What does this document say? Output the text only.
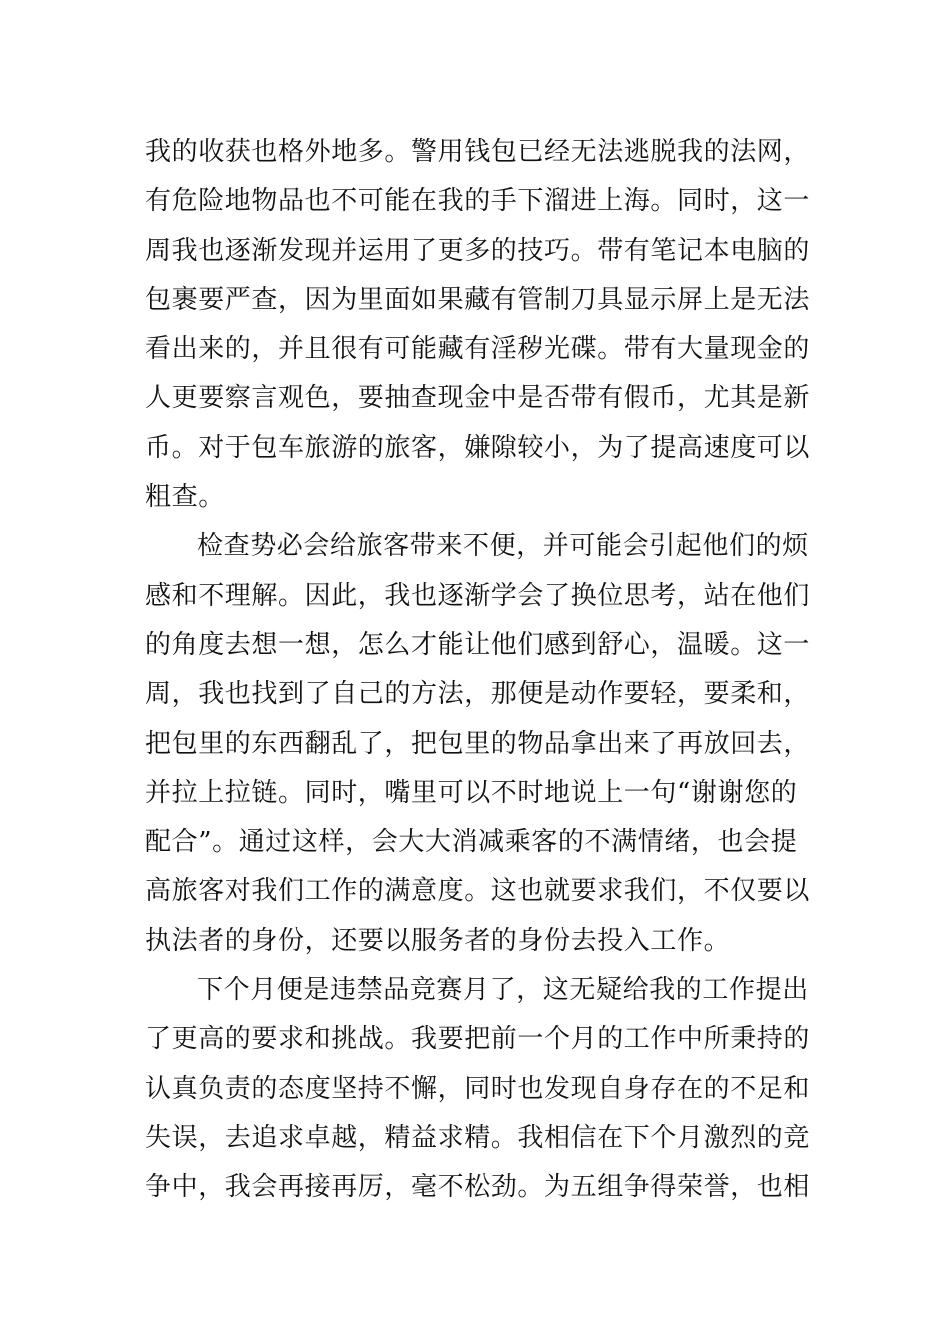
我的收获也格外地多。警用钱包已经无法逃脱我的法网，
有危险地物品也不可能在我的手下溜进上海。同时，这一
周我也逐渐发现并运用了更多的技巧。带有笔记本电脑的
包裹要严查，因为里面如果藏有管制刀具显示屏上是无法
看出来的，并且很有可能藏有淫秽光碟。带有大量现金的
人更要察言观色，要抽查现金中是否带有假币，尤其是新
币。对于包车旅游的旅客，嫌隙较小，为了提高速度可以
粗查。
检查势必会给旅客带来不便，并可能会引起他们的烦
感和不理解。因此，我也逐渐学会了换位思考，站在他们
的角度去想一想，怎么才能让他们感到舒心，温暖。这一
周，我也找到了自己的方法，那便是动作要轻，要柔和，
把包里的东西翻乱了，把包里的物品拿出来了再放回去，
并拉上拉链。同时，嘴里可以不时地说上一句“谢谢您的
配合”。通过这样，会大大消减乘客的不满情绪，也会提
高旅客对我们工作的满意度。这也就要求我们，不仅要以
执法者的身份，还要以服务者的身份去投入工作。
下个月便是违禁品竞赛月了，这无疑给我的工作提出
了更高的要求和挑战。我要把前一个月的工作中所秉持的
认真负责的态度坚持不懈，同时也发现自身存在的不足和
失误，去追求卓越，精益求精。我相信在下个月激烈的竞
争中，我会再接再厉，毫不松劲。为五组争得荣誉，也相
